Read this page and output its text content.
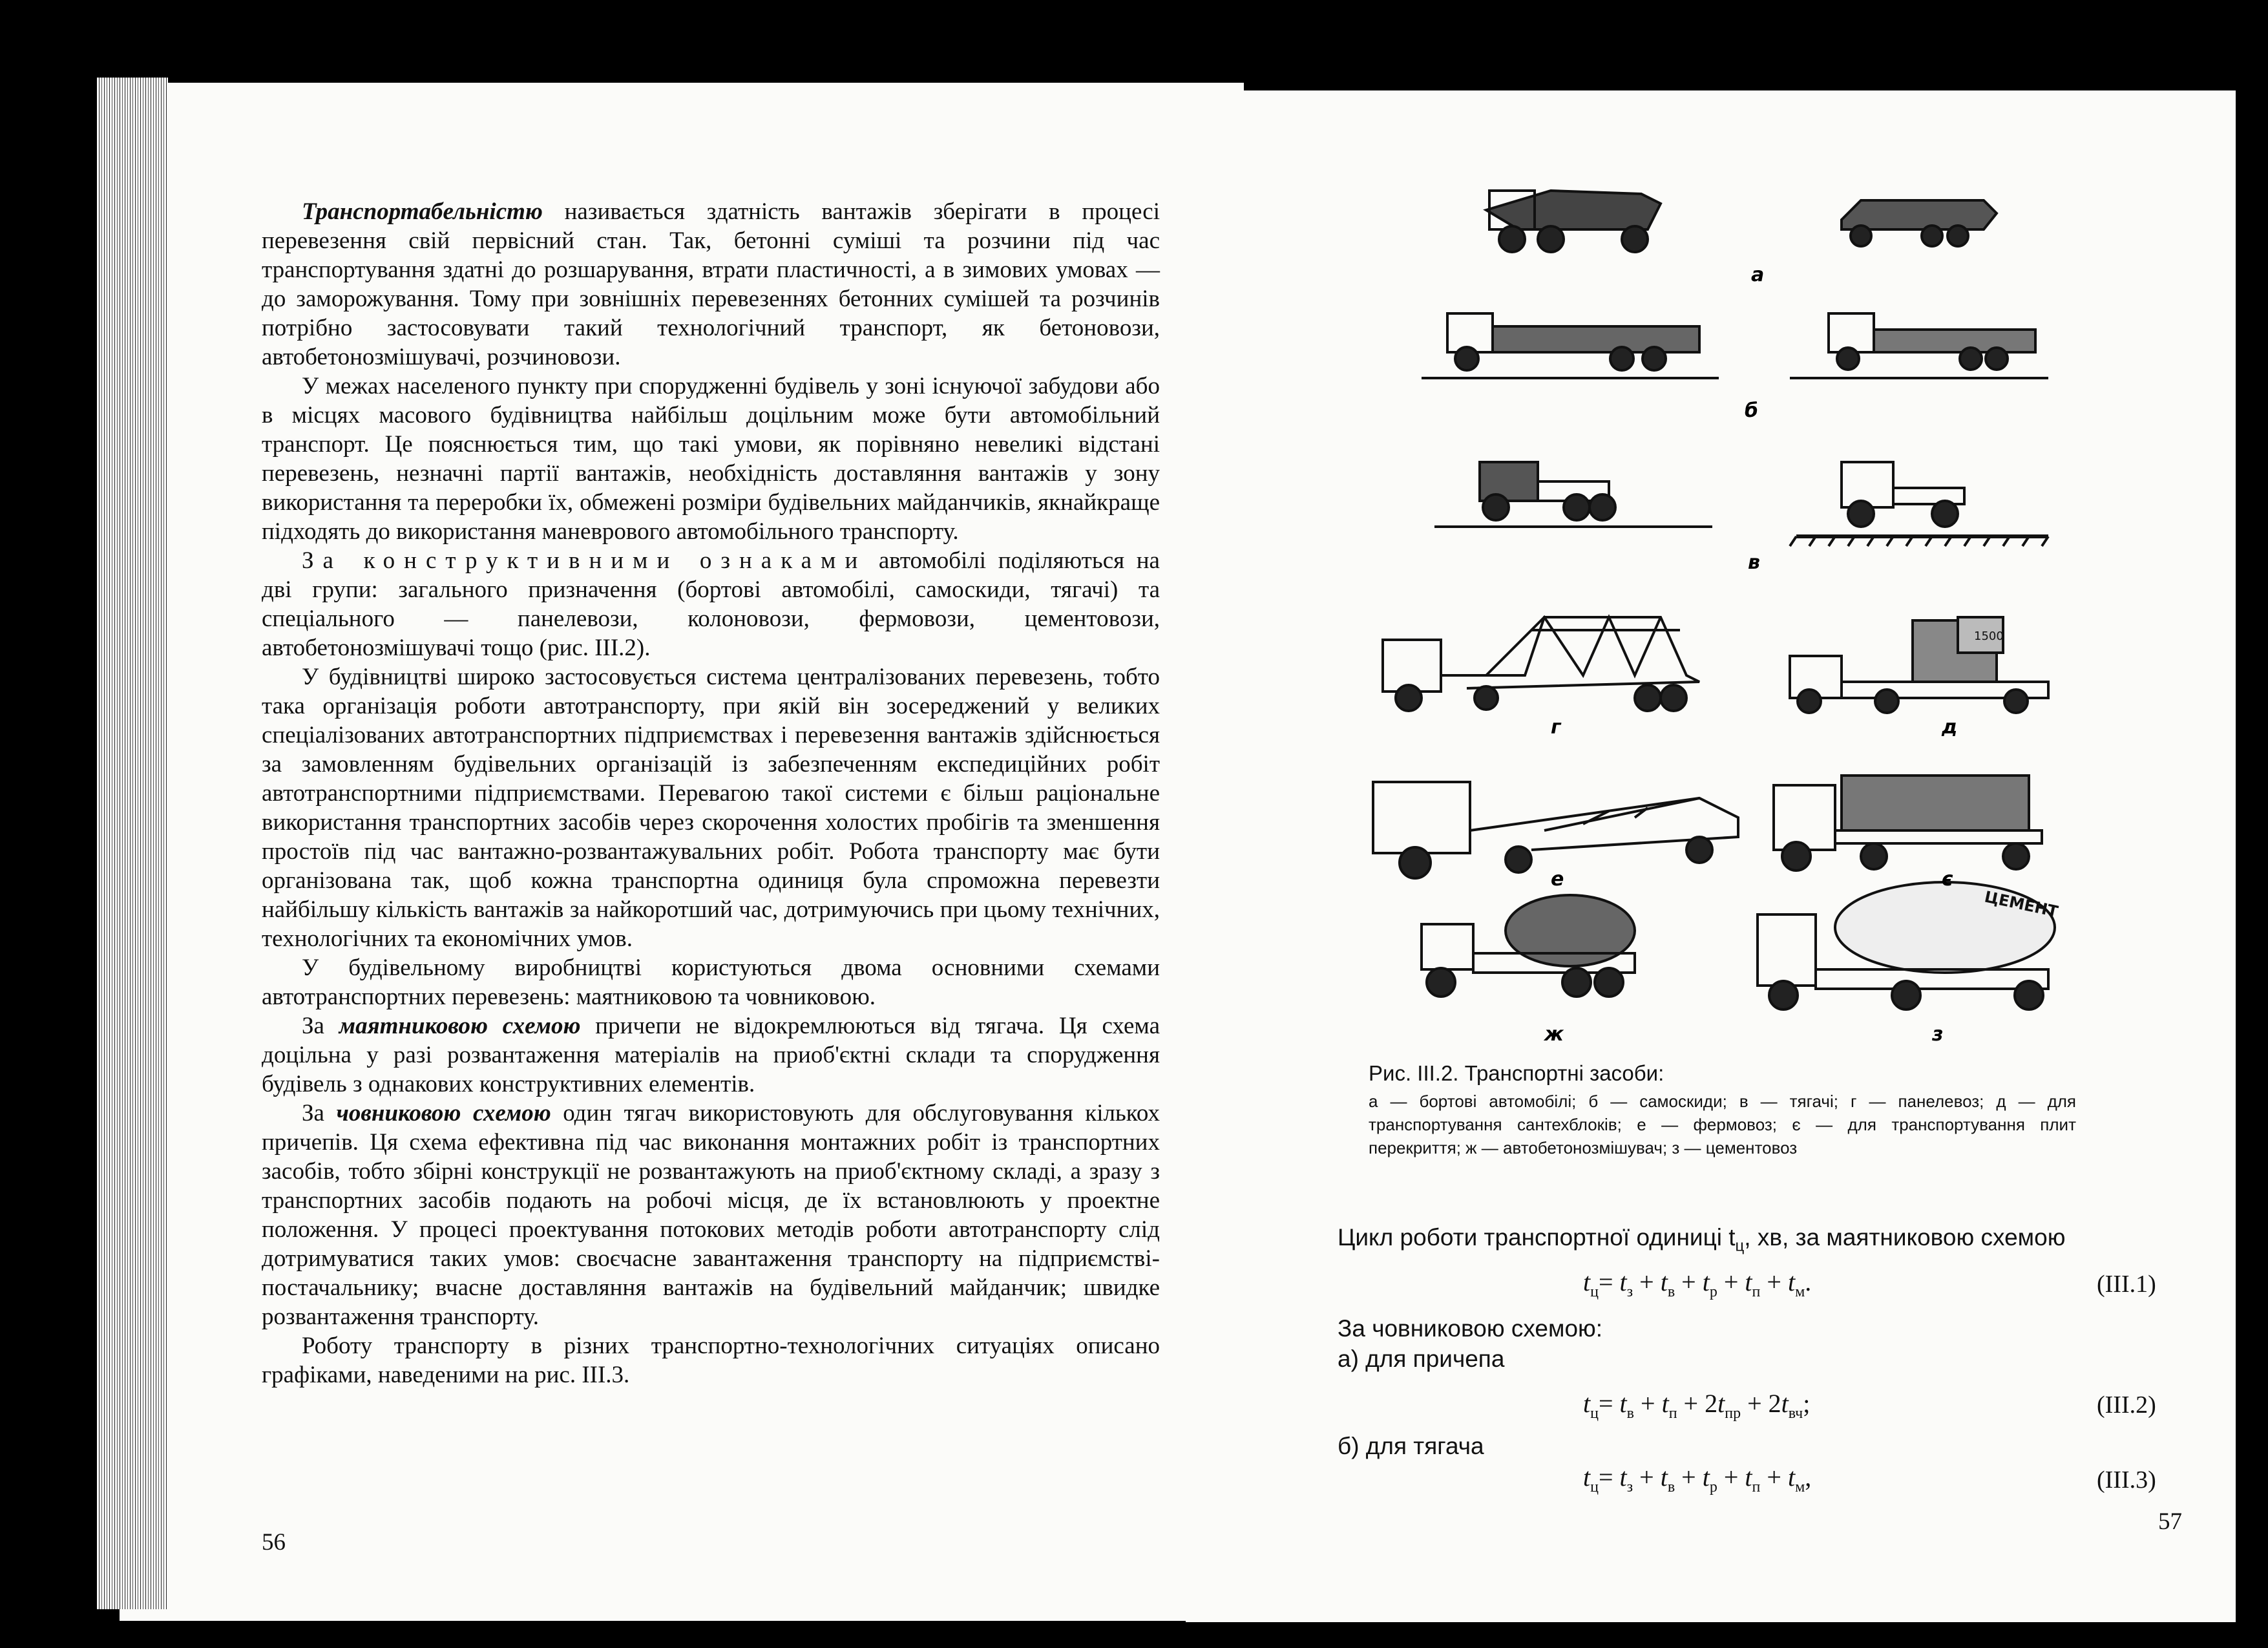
Транспортабельністю називається здатність вантажів зберігати в процесі перевезення свій первісний стан. Так, бетонні суміші та розчини під час транспортування здатні до розшарування, втрати пластичності, а в зимових умовах — до заморожування. Тому при зовнішніх перевезеннях бетонних сумішей та розчинів потрібно застосовувати такий технологічний транспорт, як бетоновози, автобетонозмішувачі, розчиновози.

У межах населеного пункту при спорудженні будівель у зоні існуючої забудови або в місцях масового будівництва найбільш доцільним може бути автомобільний транспорт. Це пояснюється тим, що такі умови, як порівняно невеликі відстані перевезень, незначні партії вантажів, необхідність доставляння вантажів у зону використання та переробки їх, обмежені розміри будівельних майданчиків, якнайкраще підходять до використання маневрового автомобільного транспорту.

За конструктивними ознаками автомобілі поділяються на дві групи: загального призначення (бортові автомобілі, самоскиди, тягачі) та спеціального — панелевози, колоновози, фермовози, цементовози, автобетонозмішувачі тощо (рис. III.2).

У будівництві широко застосовується система централізованих перевезень, тобто така організація роботи автотранспорту, при якій він зосереджений у великих спеціалізованих автотранспортних підприємствах і перевезення вантажів здійснюється за замовленням будівельних організацій із забезпеченням експедиційних робіт автотранспортними підприємствами. Перевагою такої системи є більш раціональне використання транспортних засобів через скорочення холостих пробігів та зменшення простоїв під час вантажно-розвантажувальних робіт. Робота транспорту має бути організована так, щоб кожна транспортна одиниця була спроможна перевезти найбільшу кількість вантажів за найкоротший час, дотримуючись при цьому технічних, технологічних та економічних умов.

У будівельному виробництві користуються двома основними схемами автотранспортних перевезень: маятниковою та човниковою.

За маятниковою схемою причепи не відокремлюються від тягача. Ця схема доцільна у разі розвантаження матеріалів на приоб'єктні склади та спорудження будівель з однакових конструктивних елементів.

За човниковою схемою один тягач використовують для обслуговування кількох причепів. Ця схема ефективна під час виконання монтажних робіт із транспортних засобів, тобто збірні конструкції не розвантажують на приоб'єктному складі, а зразу з транспортних засобів подають на робочі місця, де їх встановлюють у проектне положення. У процесі проектування потокових методів роботи автотранспорту слід дотримуватися таких умов: своєчасне завантаження транспорту на підприємстві-постачальнику; вчасне доставляння вантажів на будівельний майданчик; швидке розвантаження транспорту.

Роботу транспорту в різних транспортно-технологічних ситуаціях описано графіками, наведеними на рис. III.3.

56
ЦЕМЕНТ
1500
а
б
в
г	д
е	є
ж	з

Рис. III.2. Транспортні засоби:

а — бортові автомобілі; б — самоскиди; в — тягачі; г — панелевоз; д — для транспортування сантехблоків; е — фермовоз; є — для транспортування плит перекриття; ж — автобетонозмішувач; з — цементовоз

Цикл роботи транспортної одиниці $t_ц$, хв, за маятниковою схемою
$t_ц= t_з + t_в + t_р + t_п + t_м$.	(III.1)
За човниковою схемою:
а) для причепа
$t_ц= t_в + t_п + 2t_{пр} + 2t_{вч}$;	(III.2)
б) для тягача
$t_ц= t_з + t_в + t_р + t_п + t_м$,	(III.3)
57
